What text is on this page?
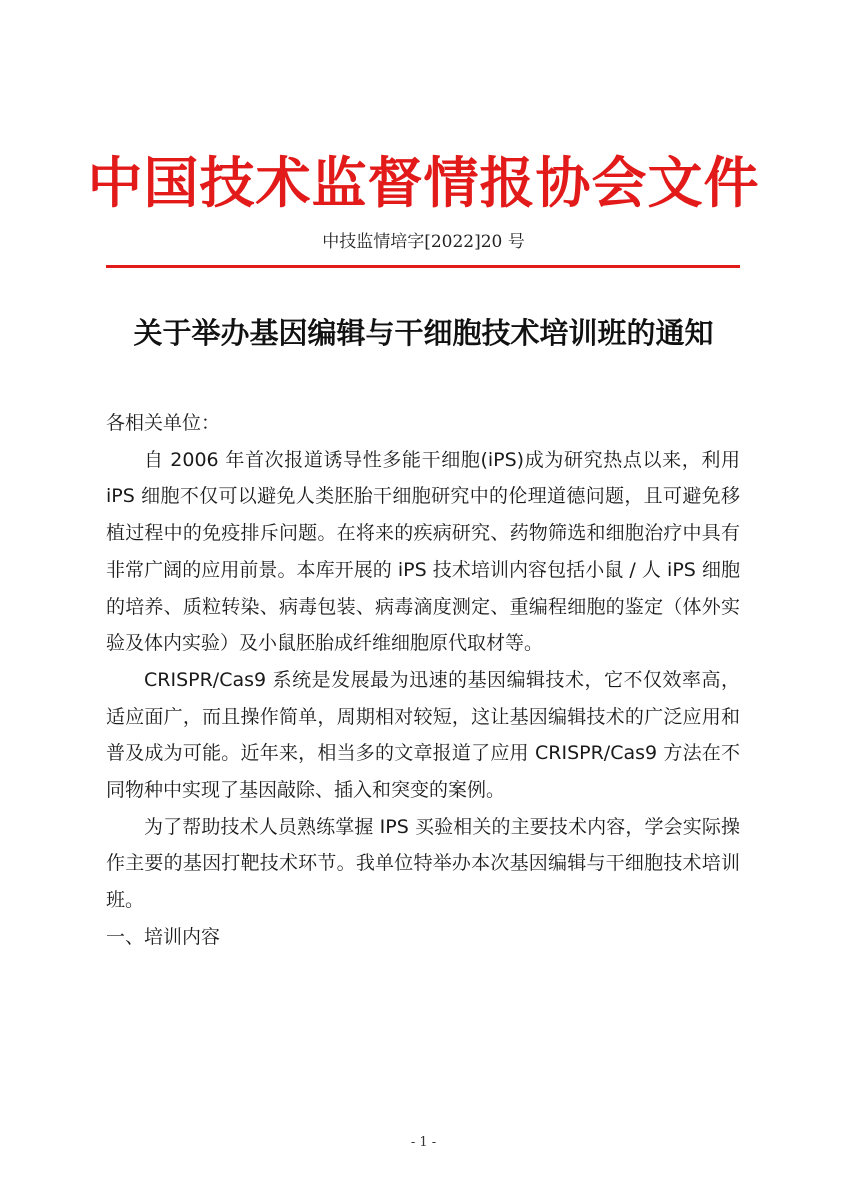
中国技术监督情报协会文件
中技监情培字[2022]20 号
关于举办基因编辑与干细胞技术培训班的通知

各相关单位：

自 2006 年首次报道诱导性多能干细胞(iPS)成为研究热点以来，利用 iPS 细胞不仅可以避免人类胚胎干细胞研究中的伦理道德问题，且可避免移植过程中的免疫排斥问题。在将来的疾病研究、药物筛选和细胞治疗中具有非常广阔的应用前景。本库开展的 iPS 技术培训内容包括小鼠 / 人 iPS 细胞的培养、质粒转染、病毒包装、病毒滴度测定、重编程细胞的鉴定（体外实验及体内实验）及小鼠胚胎成纤维细胞原代取材等。

CRISPR/Cas9 系统是发展最为迅速的基因编辑技术，它不仅效率高，适应面广，而且操作简单，周期相对较短，这让基因编辑技术的广泛应用和普及成为可能。近年来，相当多的文章报道了应用 CRISPR/Cas9 方法在不同物种中实现了基因敲除、插入和突变的案例。

为了帮助技术人员熟练掌握 IPS 买验相关的主要技术内容，学会实际操作主要的基因打靶技术环节。我单位特举办本次基因编辑与干细胞技术培训班。

一、培训内容

- 1 -
